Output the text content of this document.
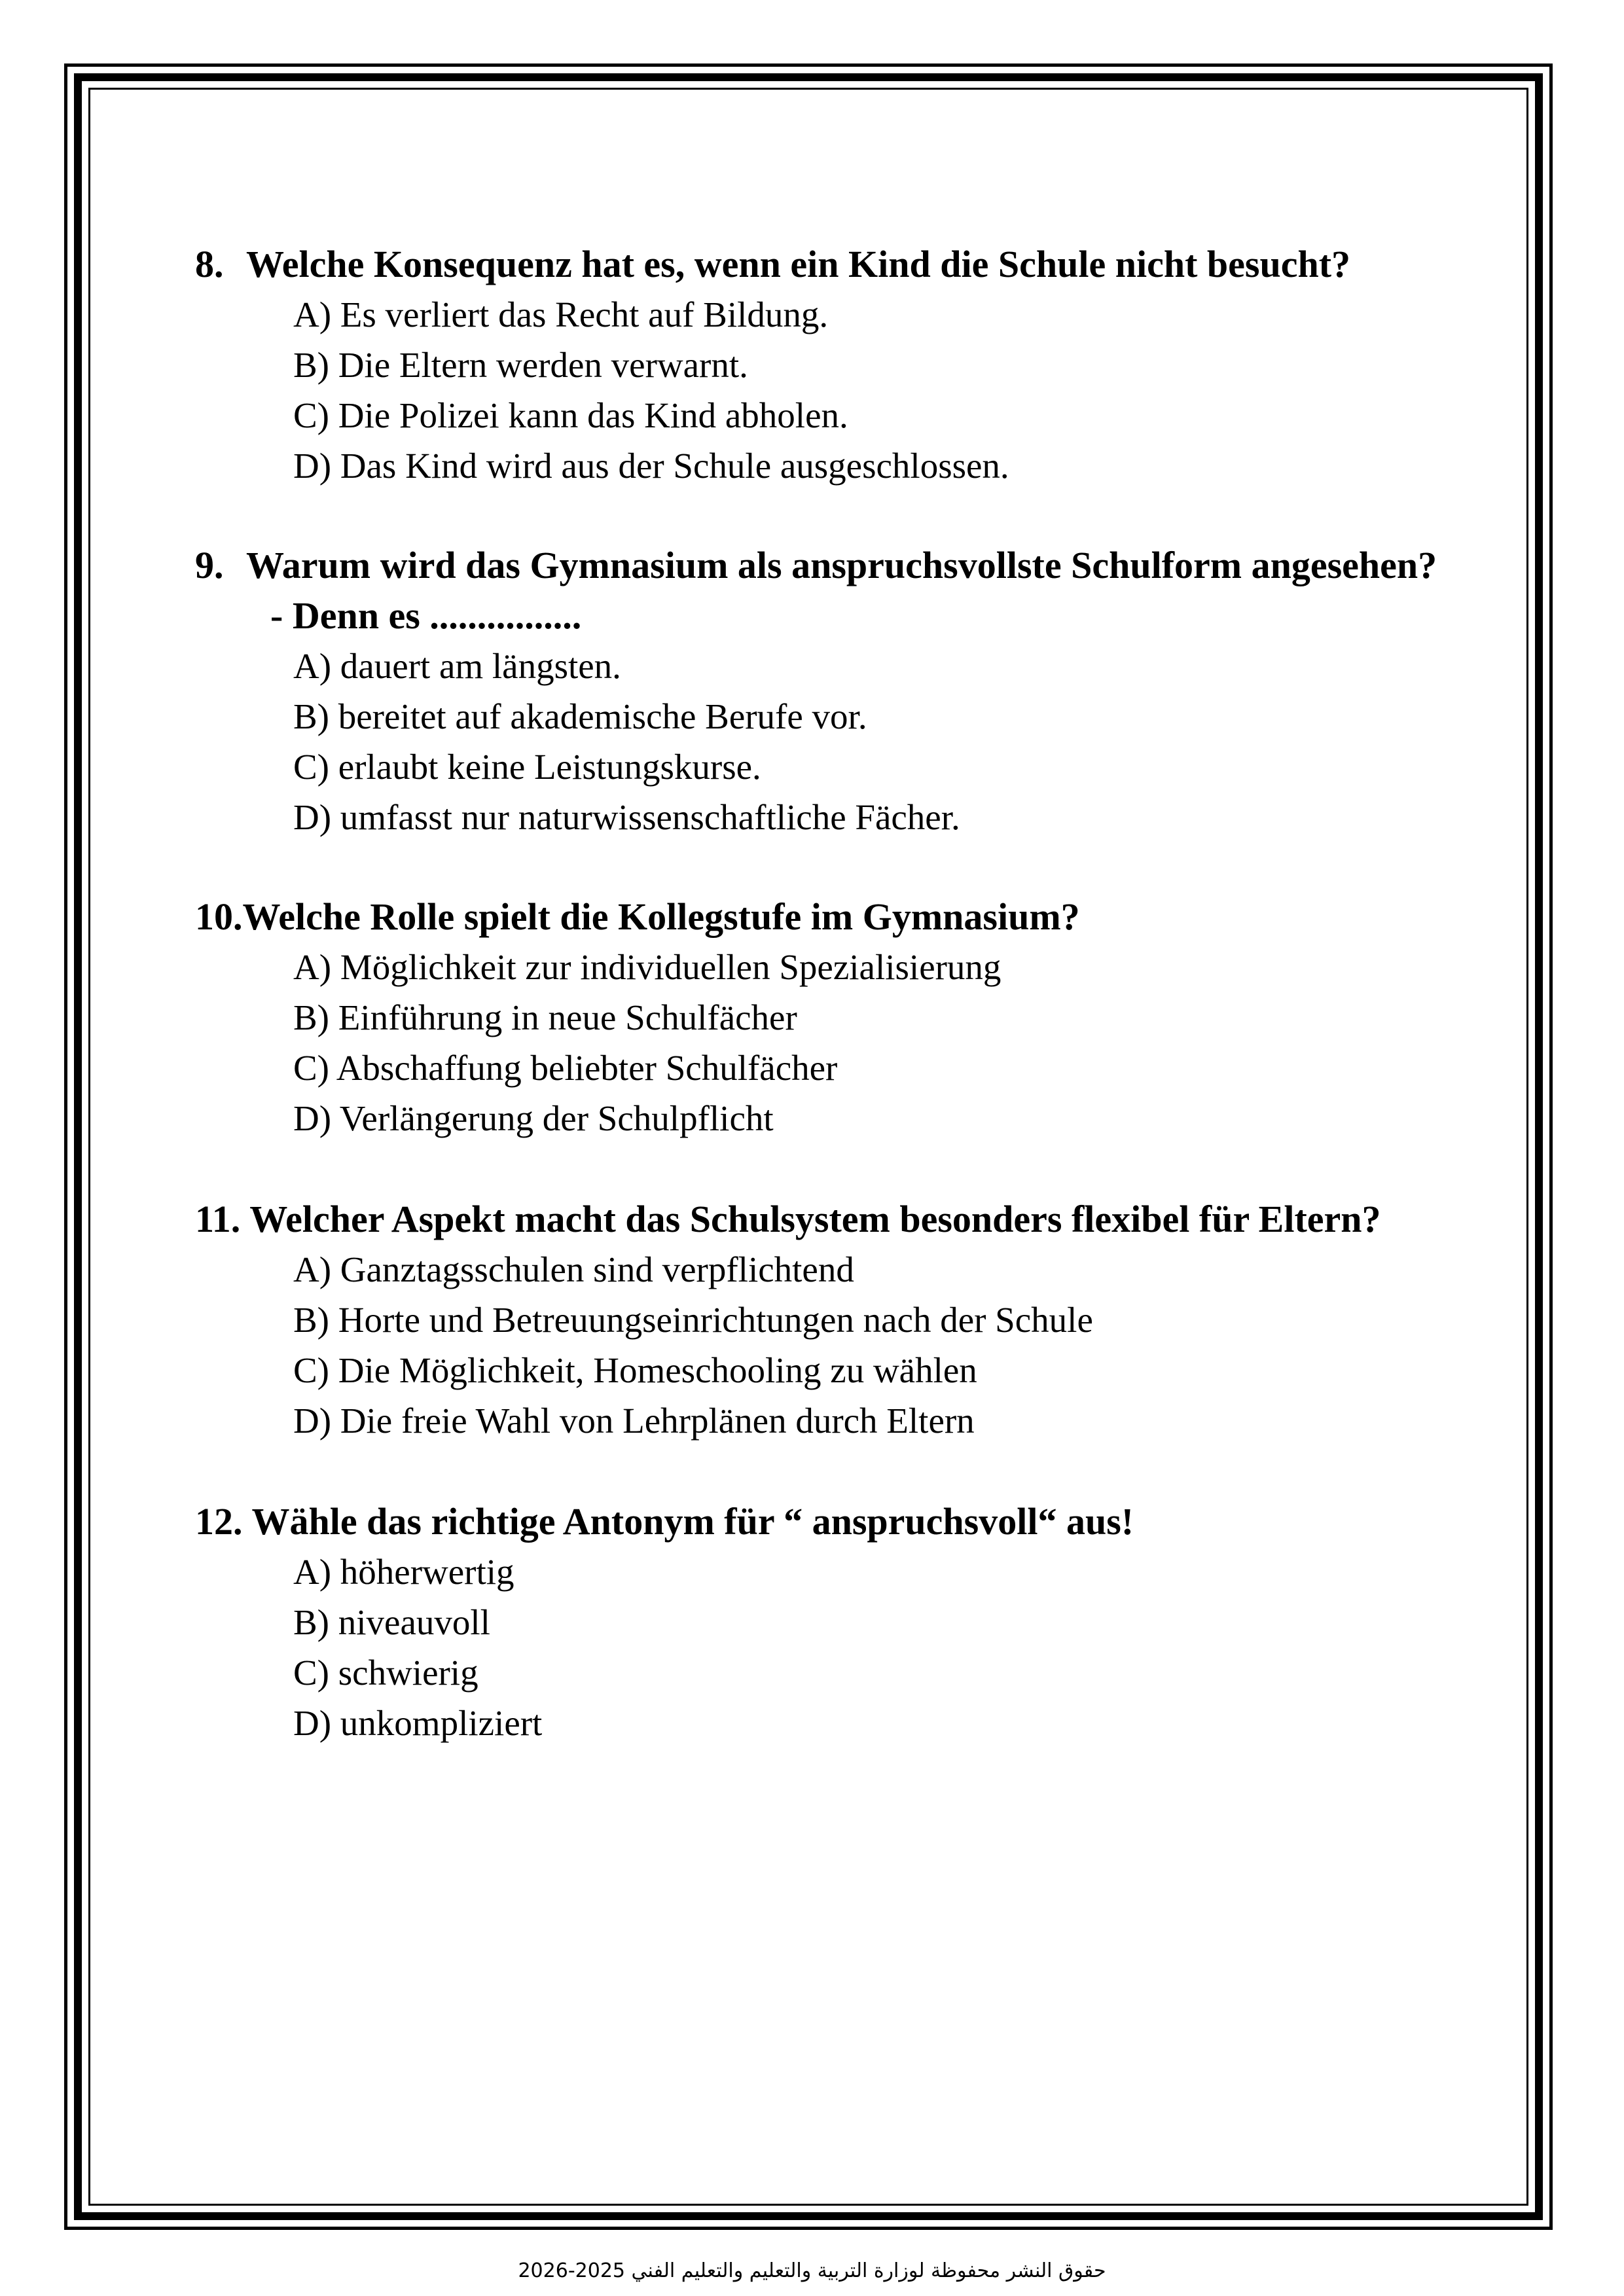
8. Welche Konsequenz hat es, wenn ein Kind die Schule nicht besucht?
A) Es verliert das Recht auf Bildung.
B) Die Eltern werden verwarnt.
C) Die Polizei kann das Kind abholen.
D) Das Kind wird aus der Schule ausgeschlossen.
9. Warum wird das Gymnasium als anspruchsvollste Schulform angesehen?
- Denn es ................
A) dauert am längsten.
B) bereitet auf akademische Berufe vor.
C) erlaubt keine Leistungskurse.
D) umfasst nur naturwissenschaftliche Fächer.
10. Welche Rolle spielt die Kollegstufe im Gymnasium?
A) Möglichkeit zur individuellen Spezialisierung
B) Einführung in neue Schulfächer
C) Abschaffung beliebter Schulfächer
D) Verlängerung der Schulpflicht
11. Welcher Aspekt macht das Schulsystem besonders flexibel für Eltern?
A) Ganztagsschulen sind verpflichtend
B) Horte und Betreuungseinrichtungen nach der Schule
C) Die Möglichkeit, Homeschooling zu wählen
D) Die freie Wahl von Lehrplänen durch Eltern
12. Wähle das richtige Antonym für “ anspruchsvoll“ aus!
A) höherwertig
B) niveauvoll
C) schwierig
D) unkompliziert
حقوق النشر محفوظة لوزارة التربية والتعليم والتعليم الفني 2025-2026
